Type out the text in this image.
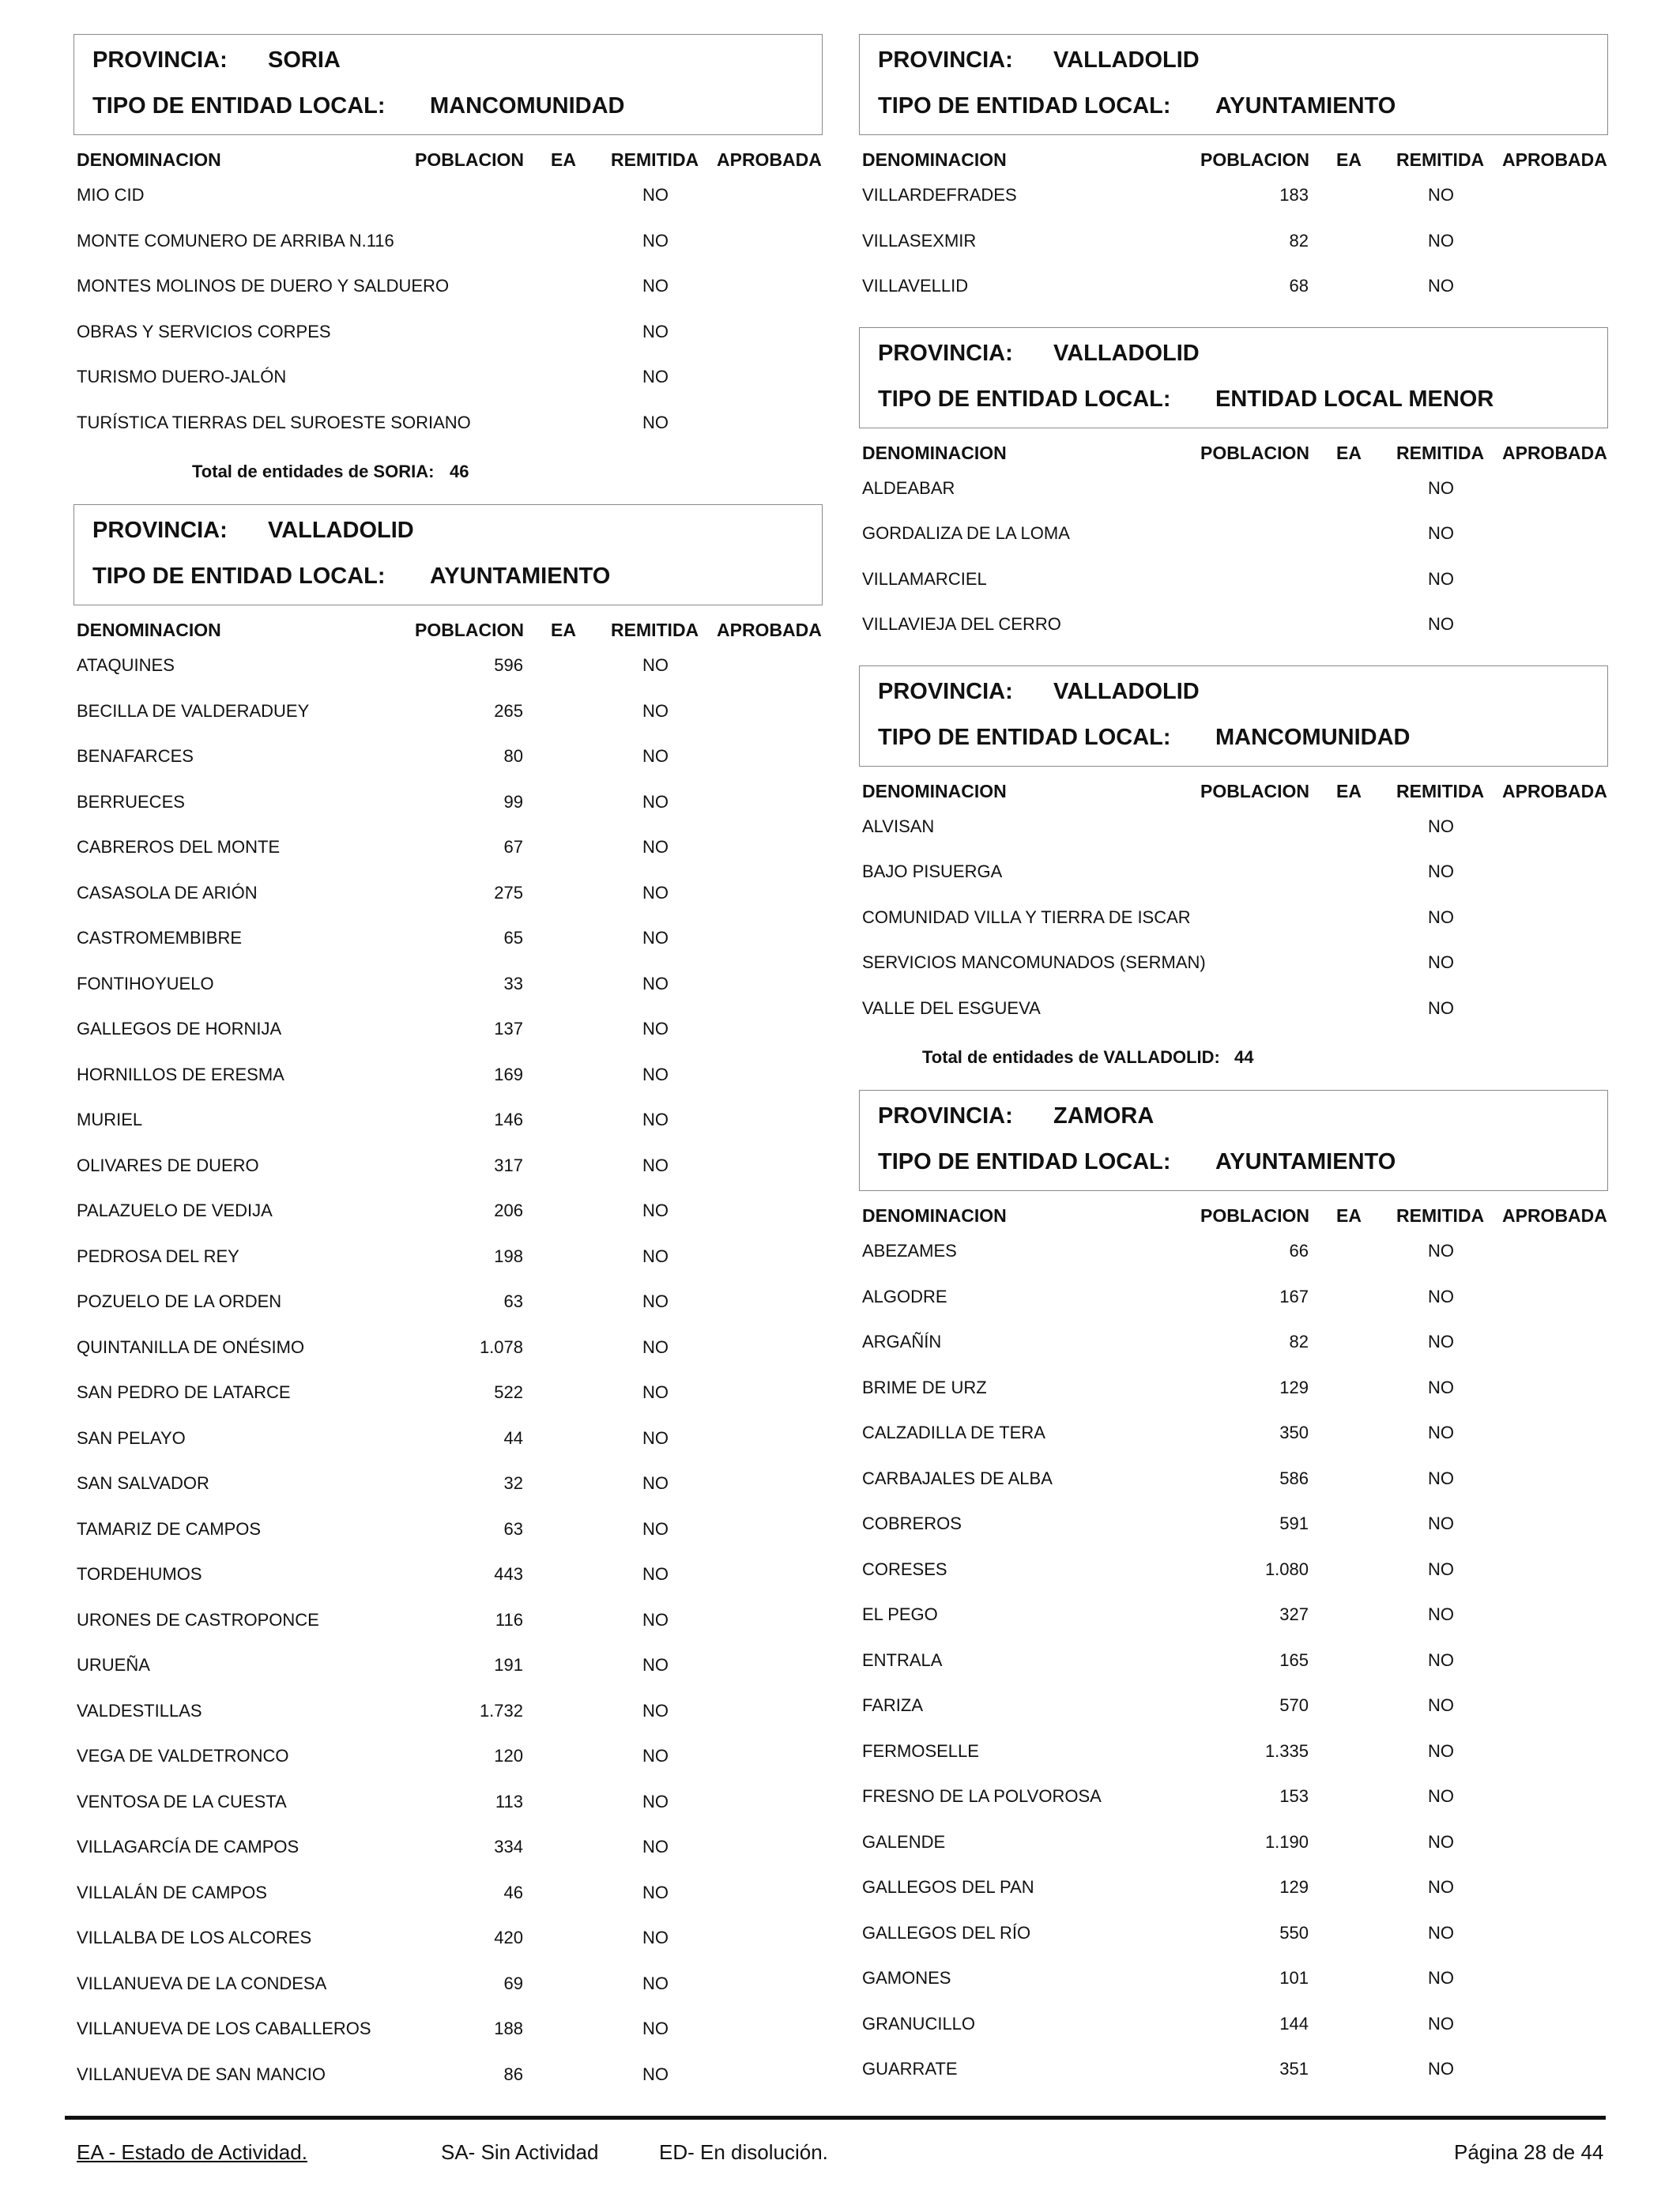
PROVINCIA: SORIA
TIPO DE ENTIDAD LOCAL: MANCOMUNIDAD
DENOMINACION	POBLACION EA REMITIDA APROBADA
MIO CID	NO
MONTE COMUNERO DE ARRIBA N.116	NO
MONTES MOLINOS DE DUERO Y SALDUERO	NO
OBRAS Y SERVICIOS CORPES	NO
TURISMO DUERO-JALÓN	NO
TURÍSTICA TIERRAS DEL SUROESTE SORIANO	NO
Total de entidades de SORIA: 46
PROVINCIA: VALLADOLID
TIPO DE ENTIDAD LOCAL: AYUNTAMIENTO
DENOMINACION	POBLACION EA REMITIDA APROBADA
ATAQUINES	596	NO
BECILLA DE VALDERADUEY	265	NO
BENAFARCES	80	NO
BERRUECES	99	NO
CABREROS DEL MONTE	67	NO
CASASOLA DE ARIÓN	275	NO
CASTROMEMBIBRE	65	NO
FONTIHOYUELO	33	NO
GALLEGOS DE HORNIJA	137	NO
HORNILLOS DE ERESMA	169	NO
MURIEL	146	NO
OLIVARES DE DUERO	317	NO
PALAZUELO DE VEDIJA	206	NO
PEDROSA DEL REY	198	NO
POZUELO DE LA ORDEN	63	NO
QUINTANILLA DE ONÉSIMO	1.078	NO
SAN PEDRO DE LATARCE	522	NO
SAN PELAYO	44	NO
SAN SALVADOR	32	NO
TAMARIZ DE CAMPOS	63	NO
TORDEHUMOS	443	NO
URONES DE CASTROPONCE	116	NO
URUEÑA	191	NO
VALDESTILLAS	1.732	NO
VEGA DE VALDETRONCO	120	NO
VENTOSA DE LA CUESTA	113	NO
VILLAGARCÍA DE CAMPOS	334	NO
VILLALÁN DE CAMPOS	46	NO
VILLALBA DE LOS ALCORES	420	NO
VILLANUEVA DE LA CONDESA	69	NO
VILLANUEVA DE LOS CABALLEROS	188	NO
VILLANUEVA DE SAN MANCIO	86	NO
PROVINCIA: VALLADOLID
TIPO DE ENTIDAD LOCAL: AYUNTAMIENTO
DENOMINACION	POBLACION EA REMITIDA APROBADA
VILLARDEFRADES	183	NO
VILLASEXMIR	82	NO
VILLAVELLID	68	NO
PROVINCIA: VALLADOLID
TIPO DE ENTIDAD LOCAL: ENTIDAD LOCAL MENOR
DENOMINACION	POBLACION EA REMITIDA APROBADA
ALDEABAR	NO
GORDALIZA DE LA LOMA	NO
VILLAMARCIEL	NO
VILLAVIEJA DEL CERRO	NO
PROVINCIA: VALLADOLID
TIPO DE ENTIDAD LOCAL: MANCOMUNIDAD
DENOMINACION	POBLACION EA REMITIDA APROBADA
ALVISAN	NO
BAJO PISUERGA	NO
COMUNIDAD VILLA Y TIERRA DE ISCAR	NO
SERVICIOS MANCOMUNADOS (SERMAN)	NO
VALLE DEL ESGUEVA	NO
Total de entidades de VALLADOLID: 44
PROVINCIA: ZAMORA
TIPO DE ENTIDAD LOCAL: AYUNTAMIENTO
DENOMINACION	POBLACION EA REMITIDA APROBADA
ABEZAMES	66	NO
ALGODRE	167	NO
ARGAÑÍN	82	NO
BRIME DE URZ	129	NO
CALZADILLA DE TERA	350	NO
CARBAJALES DE ALBA	586	NO
COBREROS	591	NO
CORESES	1.080	NO
EL PEGO	327	NO
ENTRALA	165	NO
FARIZA	570	NO
FERMOSELLE	1.335	NO
FRESNO DE LA POLVOROSA	153	NO
GALENDE	1.190	NO
GALLEGOS DEL PAN	129	NO
GALLEGOS DEL RÍO	550	NO
GAMONES	101	NO
GRANUCILLO	144	NO
GUARRATE	351	NO
EA - Estado de Actividad.	SA- Sin Actividad	ED- En disolución.	Página 28 de 44
